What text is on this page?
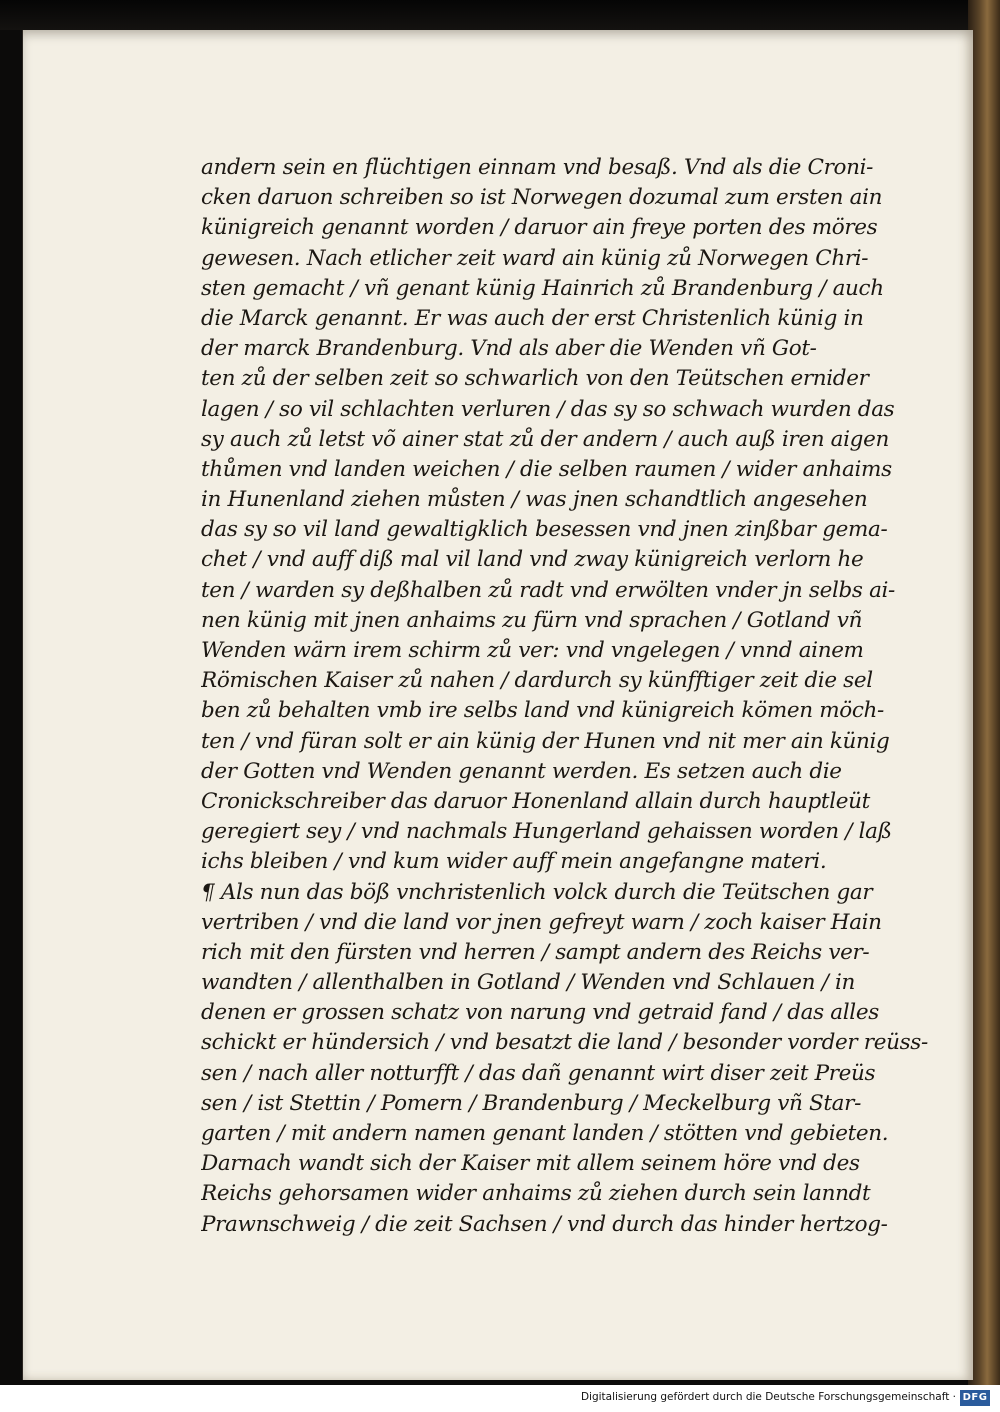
andern sein en flüchtigen einnam vnd besaß. Vnd als die Croni-
cken daruon schreiben so ist Norwegen dozumal zum ersten ain
künigreich genannt worden / daruor ain freye porten des möres
gewesen. Nach etlicher zeit ward ain künig zů Norwegen Chri-
sten gemacht / vñ genant künig Hainrich zů Brandenburg / auch
die Marck genannt. Er was auch der erst Christenlich künig in
der marck Brandenburg. Vnd als aber die Wenden vñ Got-
ten zů der selben zeit so schwarlich von den Teütschen ernider
lagen / so vil schlachten verluren / das sy so schwach wurden das
sy auch zů letst võ ainer stat zů der andern / auch auß iren aigen
thůmen vnd landen weichen / die selben raumen / wider anhaims
in Hunenland ziehen můsten / was jnen schandtlich angesehen
das sy so vil land gewaltigklich besessen vnd jnen zinßbar gema-
chet / vnd auff diß mal vil land vnd zway künigreich verlorn he
ten / warden sy deßhalben zů radt vnd erwölten vnder jn selbs ai-
nen künig mit jnen anhaims zu fürn vnd sprachen / Gotland vñ
Wenden wärn irem schirm zů ver: vnd vngelegen / vnnd ainem
Römischen Kaiser zů nahen / dardurch sy künfftiger zeit die sel
ben zů behalten vmb ire selbs land vnd künigreich kömen möch-
ten / vnd füran solt er ain künig der Hunen vnd nit mer ain künig
der Gotten vnd Wenden genannt werden. Es setzen auch die
Cronickschreiber das daruor Honenland allain durch hauptleüt
geregiert sey / vnd nachmals Hungerland gehaissen worden / laß
ichs bleiben / vnd kum wider auff mein angefangne materi.
¶ Als nun das böß vnchristenlich volck durch die Teütschen gar
vertriben / vnd die land vor jnen gefreyt warn / zoch kaiser Hain
rich mit den fürsten vnd herren / sampt andern des Reichs ver-
wandten / allenthalben in Gotland / Wenden vnd Schlauen / in
denen er grossen schatz von narung vnd getraid fand / das alles
schickt er hündersich / vnd besatzt die land / besonder vorder reüss-
sen / nach aller notturfft / das dañ genannt wirt diser zeit Preüs
sen / ist Stettin / Pomern / Brandenburg / Meckelburg vñ Star-
garten / mit andern namen genant landen / stötten vnd gebieten.
Darnach wandt sich der Kaiser mit allem seinem höre vnd des
Reichs gehorsamen wider anhaims zů ziehen durch sein lanndt
Prawnschweig / die zeit Sachsen / vnd durch das hinder hertzog-
Digitalisierung gefördert durch die Deutsche Forschungsgemeinschaft · DFG
